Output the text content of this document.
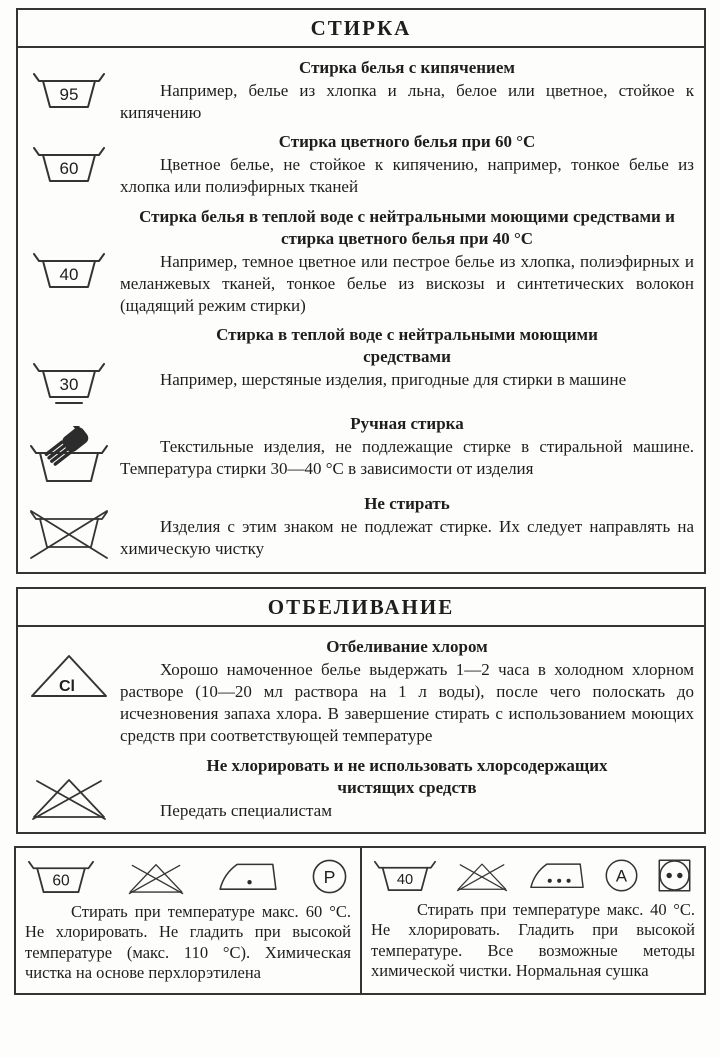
СТИРКА
95
Стирка белья с кипячением

Например, белье из хлопка и льна, белое или цветное, стойкое к кипячению

60
Стирка цветного белья при 60 °С

Цветное белье, не стойкое к кипячению, например, тонкое белье из хлопка или полиэфирных тканей

40
Стирка белья в теплой воде с нейтральными моющими средствами и стирка цветного белья при 40 °С

Например, темное цветное или пестрое белье из хлопка, полиэфирных и меланжевых тканей, тонкое белье из вискозы и синтетических волокон (щадящий режим стирки)

30
Стирка в теплой воде с нейтральными моющими средствами

Например, шерстяные изделия, пригодные для стирки в машине

Ручная стирка

Текстильные изделия, не подлежащие стирке в стиральной машине. Температура стирки 30—40 °С в зависимости от изделия

Не стирать

Изделия с этим знаком не подлежат стирке. Их следует направлять на химическую чистку

ОТБЕЛИВАНИЕ
Cl
Отбеливание хлором

Хорошо намоченное белье выдержать 1—2 часа в холодном хлорном растворе (10—20 мл раствора на 1 л воды), после чего полоскать до исчезновения запаха хлора. В завершение стирать с использованием моющих средств при соответствующей температуре

Не хлорировать и не использовать хлорсодержащих чистящих средств

Передать специалистам

60	P

Стирать при температуре макс. 60 °С. Не хлорировать. Не гладить при высокой температуре (макс. 110 °С). Химическая чистка на основе перхлорэтилена

40	A

Стирать при температуре макс. 40 °С. Не хлорировать. Гладить при высокой температуре. Все возможные методы химической чистки. Нормальная сушка
